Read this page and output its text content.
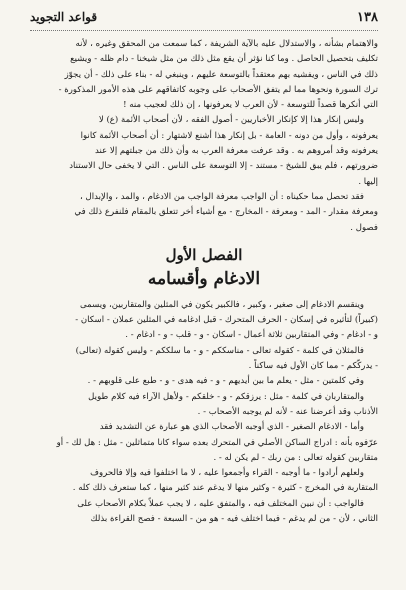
١٣٨
قواعد التجويد

والاهتمام بشأنه ، والاستدلال عليه بالآية الشريفة ، كما سمعت من المحقق وغيره ، لأنه

تكليف بتحصيل الحاصل . وما كنا نؤثر أن يقع مثل ذلك من مثل شيخنا - دام ظله - ويشيع

ذلك في الناس ، ويفشيه بهم معتقداً بالتوسعة عليهم ، وينبغي له - بناء على ذلك - أن يجوّز

ترك السورة ونحوها مما لم يتفق الأصحاب على وجوبه كاتفاقهم على هذه الأمور المذكورة -

التي أنكرها قصداً للتوسعة - لأن العرب لا يعرفونها ، إن ذلك لعجيب منه !

وليس إنكار هذا إلا كإنكار الأخباريين - أصول الفقه ، لأن أصحاب الأئمة (ع) لا

يعرفونه ، وأول من دونه - العامة - بل إنكار هذا أشنع لاشتهار : أن أصحاب الأئمة كانوا

يعرفونه وقد أمروهم به . وقد عرفت معرفة العرب به وأن ذلك من جبلتهم إلا عند

ضرورتهم ، فلم يبق للشيخ - مستند - إلا التوسعة على الناس . التي لا يخفى حال الاستناد

إليها .

فقد تحصل مما حكيناه : أن الواجب معرفة الواجب من الادغام ، والمد ، والإبدال ،

ومعرفة مقدار - المد - ومعرفة - المخارج - مع أشياء أخر تتعلق بالمقام فلنفرع ذلك في

فصول .

الفصل الأول
الادغام وأقسامه

وينقسم الادغام إلى صغير ، وكبير ، فالكبير يكون في المثلين والمتقاربين، ويسمى

(كبيراً) لتأثيره في إسكان - الحرف المتحرك - قبل ادغامه في المثلين عملان - اسكان -

و - ادغام - وفي المتقاربين ثلاثة أعمال - اسكان - و - قلب - و - ادغام - .

فالمثلان في كلمة - كقوله تعالى - مناسككم - و - ما سلككم - وليس كقوله (تعالى)

- يدركّكم - مما كان الأول فيه ساكناً .

وفي كلمتين - مثل - يعلم ما بين أيديهم - و - فيه هدى - و - طبع على قلوبهم - .

والمتقاربان في كلمة - مثل : يرزقكم - و - خلقكم - ولأهل الآراء فيه كلام طويل

الأذناب وقد أعرضنا عنه - لأنه لم يوجبه الأصحاب - .

وأما - الادغام الصغير - الذي أوجبه الأصحاب الذي هو عبارة عن التشديد فقد

عرّفوه بأنه : ادراج الساكن الأصلي في المتحرك بعده سواء كانا متماثلين - مثل : هل لك - أو

متقاربين كقوله تعالى : من ربك - لم يكن له - .

ولعلهم أرادوا - ما أوجبه - القراء وأجمعوا عليه ، لا ما اختلفوا فيه وإلا فالحروف

المتقاربة في المخرج - كثيرة - وكثير منها لا يدغم عند كثير منها ، كما ستعرف ذلك كله .

فالواجب : أن نبين المختلف فيه ، والمتفق عليه ، لا يجب عملاً بكلام الأصحاب على

الثاني ، لأن - من لم يدغم - فيما اختلف فيه - هو من - السبعة - فصح القراءة بذلك
